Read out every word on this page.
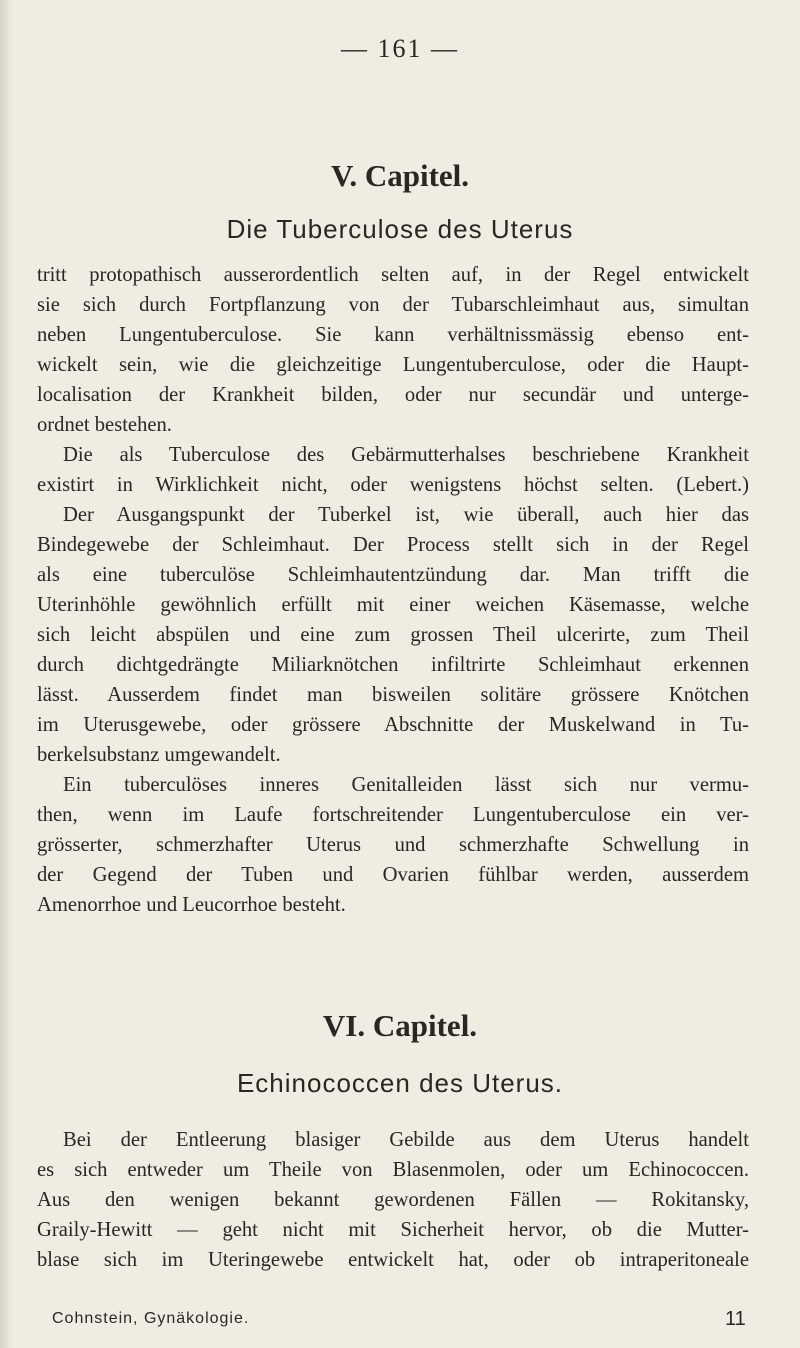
— 161 —
V. Capitel.
Die Tuberculose des Uterus
tritt protopathisch ausserordentlich selten auf, in der Regel entwickelt
sie sich durch Fortpflanzung von der Tubarschleimhaut aus, simultan
neben Lungentuberculose. Sie kann verhältnissmässig ebenso ent-
wickelt sein, wie die gleichzeitige Lungentuberculose, oder die Haupt-
localisation der Krankheit bilden, oder nur secundär und unterge-
ordnet bestehen.
Die als Tuberculose des Gebärmutterhalses beschriebene Krankheit
existirt in Wirklichkeit nicht, oder wenigstens höchst selten. (Lebert.)
Der Ausgangspunkt der Tuberkel ist, wie überall, auch hier das
Bindegewebe der Schleimhaut. Der Process stellt sich in der Regel
als eine tuberculöse Schleimhautentzündung dar. Man trifft die
Uterinhöhle gewöhnlich erfüllt mit einer weichen Käsemasse, welche
sich leicht abspülen und eine zum grossen Theil ulcerirte, zum Theil
durch dichtgedrängte Miliarknötchen infiltrirte Schleimhaut erkennen
lässt. Ausserdem findet man bisweilen solitäre grössere Knötchen
im Uterusgewebe, oder grössere Abschnitte der Muskelwand in Tu-
berkelsubstanz umgewandelt.
Ein tuberculöses inneres Genitalleiden lässt sich nur vermu-
then, wenn im Laufe fortschreitender Lungentuberculose ein ver-
grösserter, schmerzhafter Uterus und schmerzhafte Schwellung in
der Gegend der Tuben und Ovarien fühlbar werden, ausserdem
Amenorrhoe und Leucorrhoe besteht.
VI. Capitel.
Echinococcen des Uterus.
Bei der Entleerung blasiger Gebilde aus dem Uterus handelt
es sich entweder um Theile von Blasenmolen, oder um Echinococcen.
Aus den wenigen bekannt gewordenen Fällen — Rokitansky,
Graily-Hewitt — geht nicht mit Sicherheit hervor, ob die Mutter-
blase sich im Uteringewebe entwickelt hat, oder ob intraperitoneale
Cohnstein, Gynäkologie.	11
